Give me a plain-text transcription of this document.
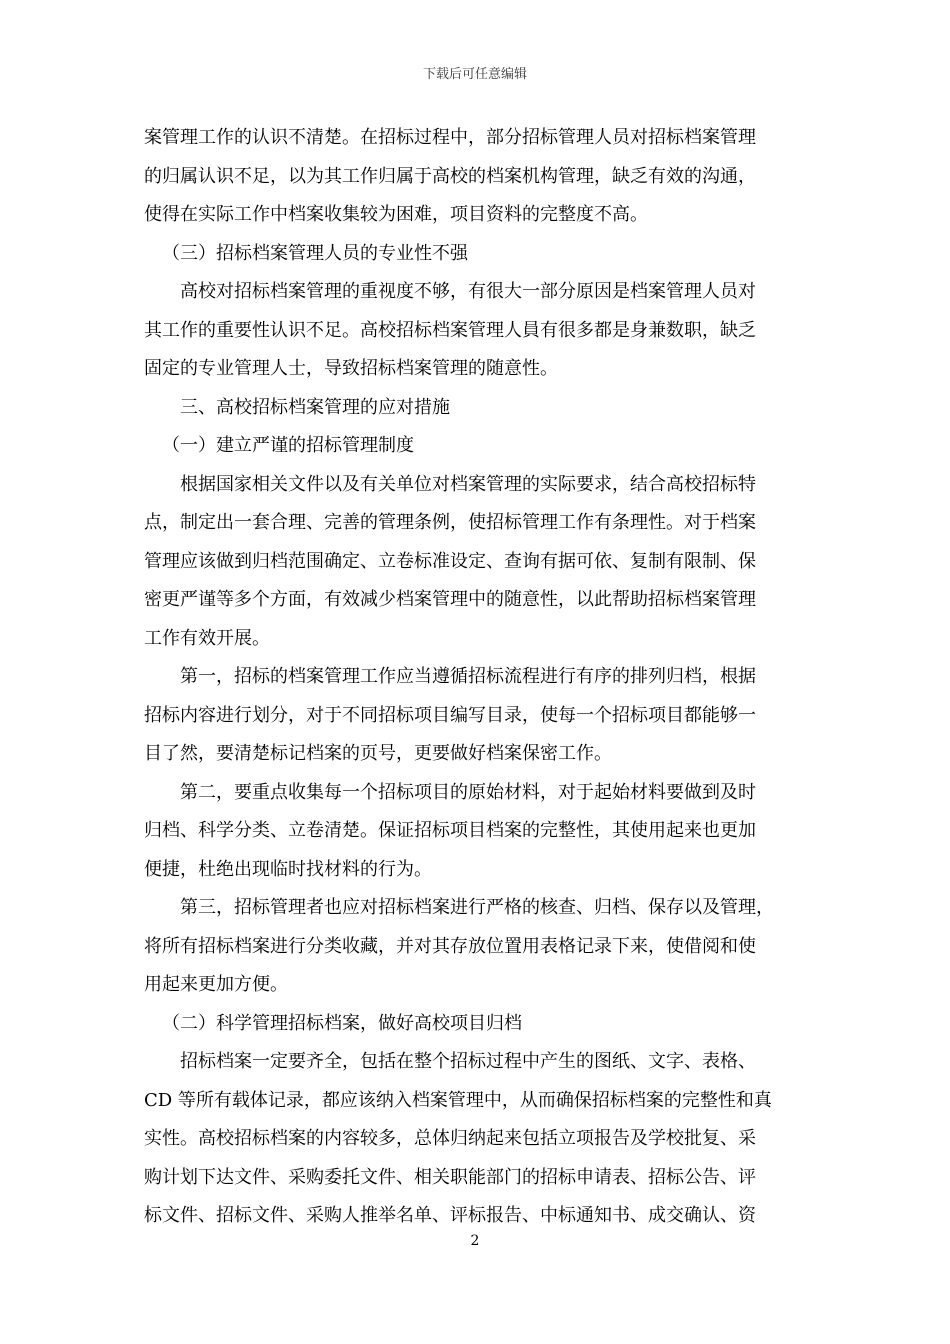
下载后可任意编辑
案管理工作的认识不清楚。在招标过程中，部分招标管理人员对招标档案管理
的归属认识不足，以为其工作归属于高校的档案机构管理，缺乏有效的沟通，
使得在实际工作中档案收集较为困难，项目资料的完整度不高。
（三）招标档案管理人员的专业性不强
高校对招标档案管理的重视度不够，有很大一部分原因是档案管理人员对
其工作的重要性认识不足。高校招标档案管理人員有很多都是身兼数职，缺乏
固定的专业管理人士，导致招标档案管理的随意性。
三、高校招标档案管理的应对措施
（一）建立严谨的招标管理制度
根据国家相关文件以及有关单位对档案管理的实际要求，结合高校招标特
点，制定出一套合理、完善的管理条例，使招标管理工作有条理性。对于档案
管理应该做到归档范围确定、立卷标准设定、查询有据可依、复制有限制、保
密更严谨等多个方面，有效减少档案管理中的随意性，以此帮助招标档案管理
工作有效开展。
第一，招标的档案管理工作应当遵循招标流程进行有序的排列归档，根据
招标内容进行划分，对于不同招标项目编写目录，使每一个招标项目都能够一
目了然，要清楚标记档案的页号，更要做好档案保密工作。
第二，要重点收集每一个招标项目的原始材料，对于起始材料要做到及时
归档、科学分类、立卷清楚。保证招标项目档案的完整性，其使用起来也更加
便捷，杜绝出现临时找材料的行为。
第三，招标管理者也应对招标档案进行严格的核查、归档、保存以及管理，
将所有招标档案进行分类收藏，并对其存放位置用表格记录下来，使借阅和使
用起来更加方便。
（二）科学管理招标档案，做好高校项目归档
招标档案一定要齐全，包括在整个招标过程中产生的图纸、文字、表格、
CD 等所有载体记录，都应该纳入档案管理中，从而确保招标档案的完整性和真
实性。高校招标档案的内容较多，总体归纳起来包括立项报告及学校批复、采
购计划下达文件、采购委托文件、相关职能部门的招标申请表、招标公告、评
标文件、招标文件、采购人推举名单、评标报告、中标通知书、成交确认、资
2
